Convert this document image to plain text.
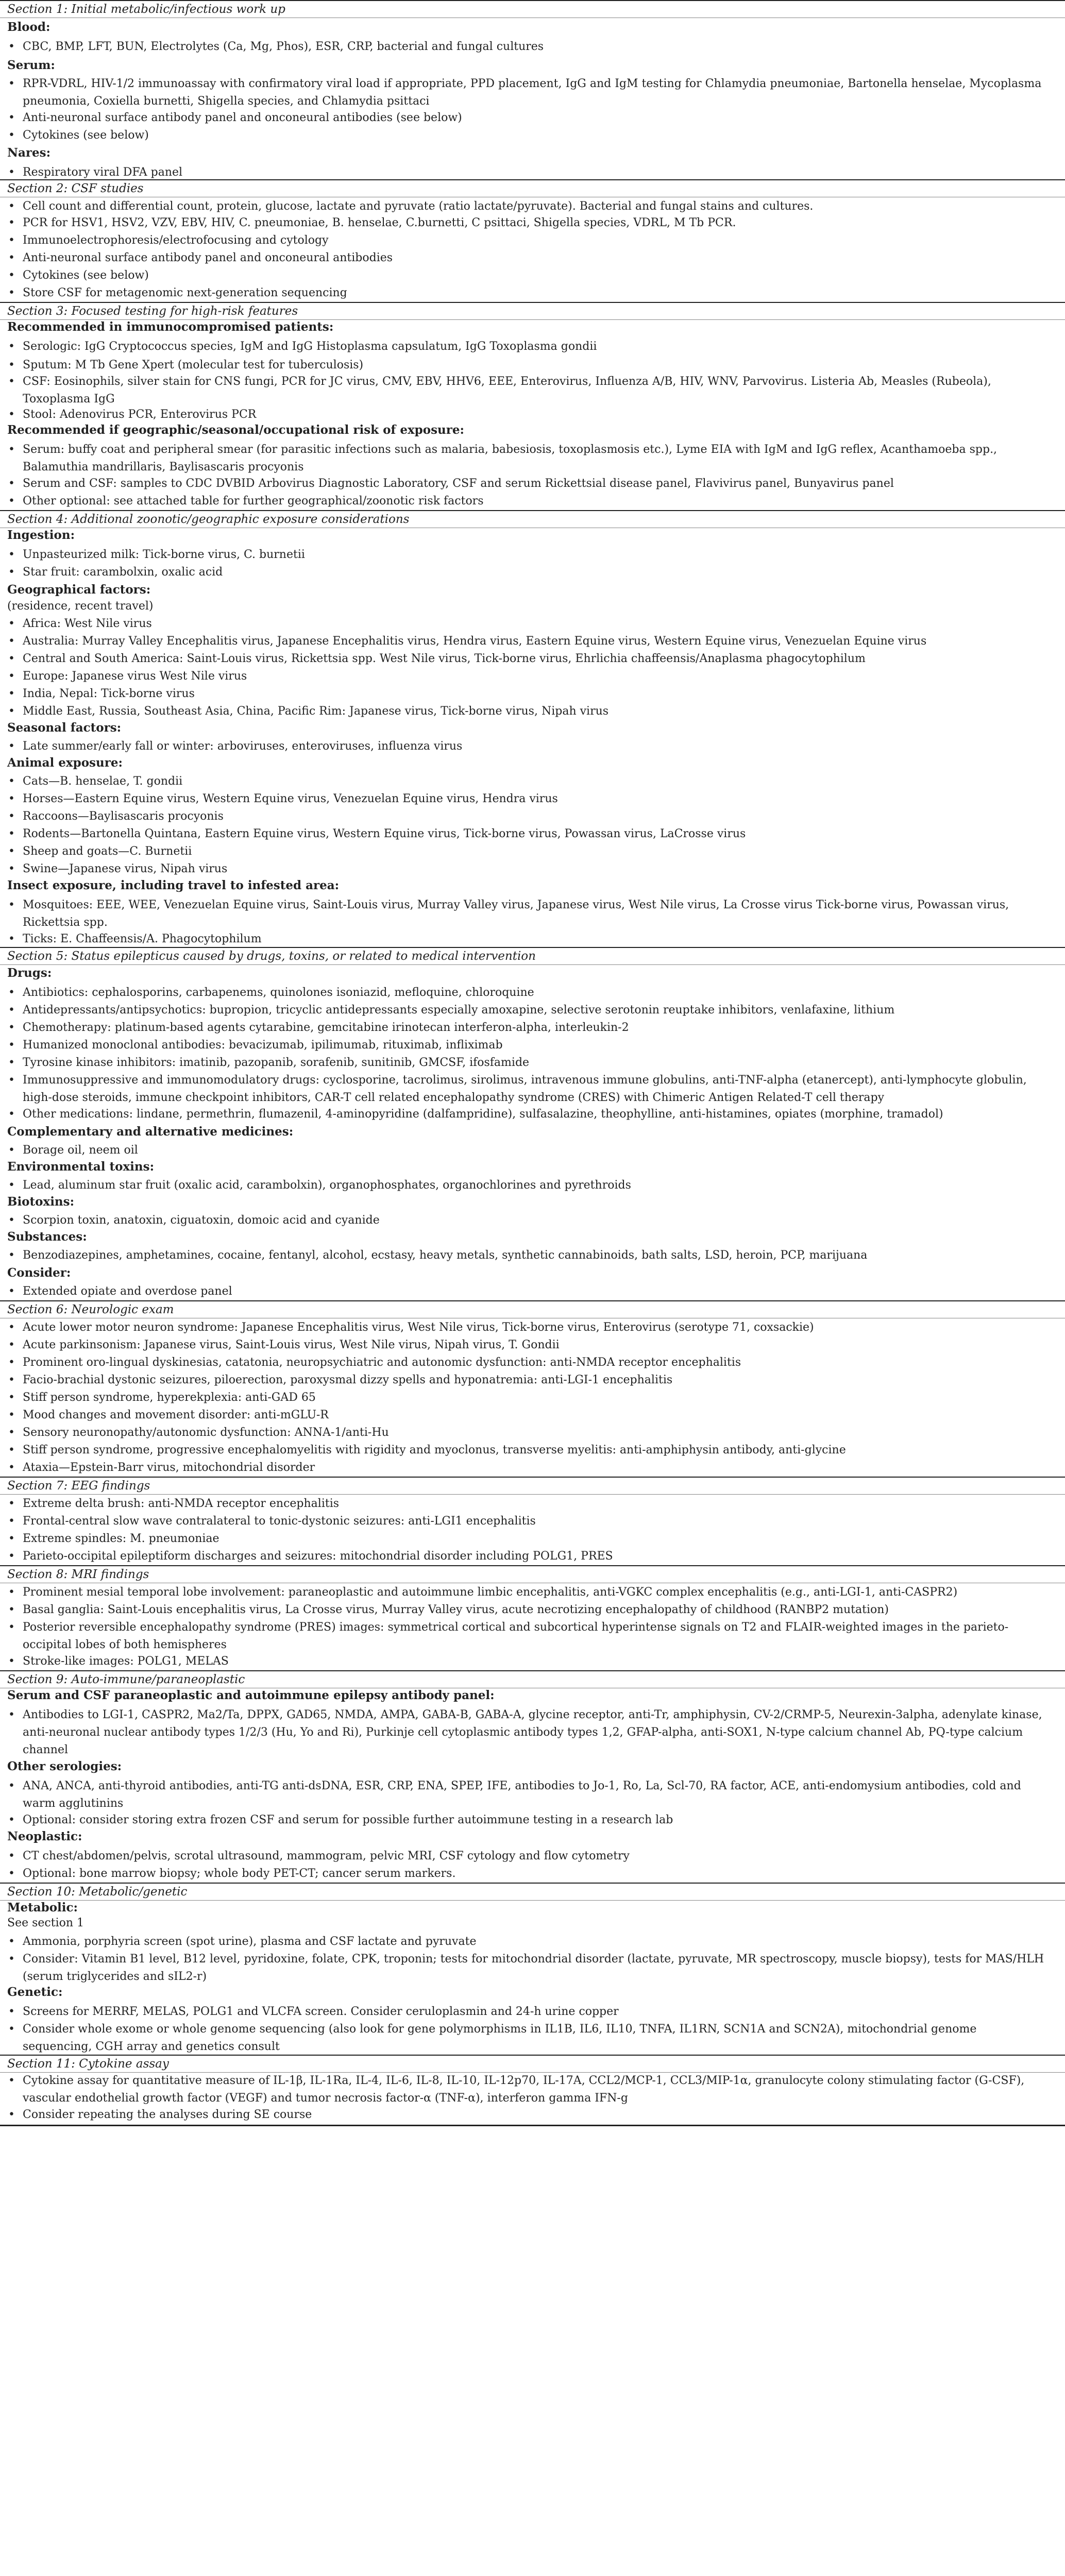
Section 1: Initial metabolic/infectious work up
Blood:

• CBC, BMP, LFT, BUN, Electrolytes (Ca, Mg, Phos), ESR, CRP, bacterial and fungal cultures

Serum:

• RPR-VDRL, HIV-1/2 immunoassay with confirmatory viral load if appropriate, PPD placement, IgG and IgM testing for Chlamydia pneumoniae, Bartonella henselae, Mycoplasma pneumonia, Coxiella burnetti, Shigella species, and Chlamydia psittaci

• Anti-neuronal surface antibody panel and onconeural antibodies (see below)

• Cytokines (see below)

Nares:

• Respiratory viral DFA panel

Section 2: CSF studies

• Cell count and differential count, protein, glucose, lactate and pyruvate (ratio lactate/pyruvate). Bacterial and fungal stains and cultures.

• PCR for HSV1, HSV2, VZV, EBV, HIV, C. pneumoniae, B. henselae, C.burnetti, C psittaci, Shigella species, VDRL, M Tb PCR.

• Immunoelectrophoresis/electrofocusing and cytology

• Anti-neuronal surface antibody panel and onconeural antibodies

• Cytokines (see below)

• Store CSF for metagenomic next-generation sequencing

Section 3: Focused testing for high-risk features
Recommended in immunocompromised patients:

• Serologic: IgG Cryptococcus species, IgM and IgG Histoplasma capsulatum, IgG Toxoplasma gondii

• Sputum: M Tb Gene Xpert (molecular test for tuberculosis)

• CSF: Eosinophils, silver stain for CNS fungi, PCR for JC virus, CMV, EBV, HHV6, EEE, Enterovirus, Influenza A/B, HIV, WNV, Parvovirus. Listeria Ab, Measles (Rubeola), Toxoplasma IgG

• Stool: Adenovirus PCR, Enterovirus PCR

Recommended if geographic/seasonal/occupational risk of exposure:

• Serum: buffy coat and peripheral smear (for parasitic infections such as malaria, babesiosis, toxoplasmosis etc.), Lyme EIA with IgM and IgG reflex, Acanthamoeba spp., Balamuthia mandrillaris, Baylisascaris procyonis

• Serum and CSF: samples to CDC DVBID Arbovirus Diagnostic Laboratory, CSF and serum Rickettsial disease panel, Flavivirus panel, Bunyavirus panel

• Other optional: see attached table for further geographical/zoonotic risk factors

Section 4: Additional zoonotic/geographic exposure considerations
Ingestion:

• Unpasteurized milk: Tick-borne virus, C. burnetii

• Star fruit: carambolxin, oxalic acid

Geographical factors:

(residence, recent travel)

• Africa: West Nile virus

• Australia: Murray Valley Encephalitis virus, Japanese Encephalitis virus, Hendra virus, Eastern Equine virus, Western Equine virus, Venezuelan Equine virus

• Central and South America: Saint-Louis virus, Rickettsia spp. West Nile virus, Tick-borne virus, Ehrlichia chaffeensis/Anaplasma phagocytophilum

• Europe: Japanese virus West Nile virus

• India, Nepal: Tick-borne virus

• Middle East, Russia, Southeast Asia, China, Pacific Rim: Japanese virus, Tick-borne virus, Nipah virus

Seasonal factors:

• Late summer/early fall or winter: arboviruses, enteroviruses, influenza virus

Animal exposure:

• Cats—B. henselae, T. gondii

• Horses—Eastern Equine virus, Western Equine virus, Venezuelan Equine virus, Hendra virus

• Raccoons—Baylisascaris procyonis

• Rodents—Bartonella Quintana, Eastern Equine virus, Western Equine virus, Tick-borne virus, Powassan virus, LaCrosse virus

• Sheep and goats—C. Burnetii

• Swine—Japanese virus, Nipah virus

Insect exposure, including travel to infested area:

• Mosquitoes: EEE, WEE, Venezuelan Equine virus, Saint-Louis virus, Murray Valley virus, Japanese virus, West Nile virus, La Crosse virus Tick-borne virus, Powassan virus, Rickettsia spp.

• Ticks: E. Chaffeensis/A. Phagocytophilum

Section 5: Status epilepticus caused by drugs, toxins, or related to medical intervention
Drugs:

• Antibiotics: cephalosporins, carbapenems, quinolones isoniazid, mefloquine, chloroquine

• Antidepressants/antipsychotics: bupropion, tricyclic antidepressants especially amoxapine, selective serotonin reuptake inhibitors, venlafaxine, lithium

• Chemotherapy: platinum-based agents cytarabine, gemcitabine irinotecan interferon-alpha, interleukin-2

• Humanized monoclonal antibodies: bevacizumab, ipilimumab, rituximab, infliximab

• Tyrosine kinase inhibitors: imatinib, pazopanib, sorafenib, sunitinib, GMCSF, ifosfamide

• Immunosuppressive and immunomodulatory drugs: cyclosporine, tacrolimus, sirolimus, intravenous immune globulins, anti-TNF-alpha (etanercept), anti-lymphocyte globulin, high-dose steroids, immune checkpoint inhibitors, CAR-T cell related encephalopathy syndrome (CRES) with Chimeric Antigen Related-T cell therapy

• Other medications: lindane, permethrin, flumazenil, 4-aminopyridine (dalfampridine), sulfasalazine, theophylline, anti-histamines, opiates (morphine, tramadol)

Complementary and alternative medicines:

• Borage oil, neem oil

Environmental toxins:

• Lead, aluminum star fruit (oxalic acid, carambolxin), organophosphates, organochlorines and pyrethroids

Biotoxins:

• Scorpion toxin, anatoxin, ciguatoxin, domoic acid and cyanide

Substances:

• Benzodiazepines, amphetamines, cocaine, fentanyl, alcohol, ecstasy, heavy metals, synthetic cannabinoids, bath salts, LSD, heroin, PCP, marijuana

Consider:

• Extended opiate and overdose panel

Section 6: Neurologic exam

• Acute lower motor neuron syndrome: Japanese Encephalitis virus, West Nile virus, Tick-borne virus, Enterovirus (serotype 71, coxsackie)

• Acute parkinsonism: Japanese virus, Saint-Louis virus, West Nile virus, Nipah virus, T. Gondii

• Prominent oro-lingual dyskinesias, catatonia, neuropsychiatric and autonomic dysfunction: anti-NMDA receptor encephalitis

• Facio-brachial dystonic seizures, piloerection, paroxysmal dizzy spells and hyponatremia: anti-LGI-1 encephalitis

• Stiff person syndrome, hyperekplexia: anti-GAD 65

• Mood changes and movement disorder: anti-mGLU-R

• Sensory neuronopathy/autonomic dysfunction: ANNA-1/anti-Hu

• Stiff person syndrome, progressive encephalomyelitis with rigidity and myoclonus, transverse myelitis: anti-amphiphysin antibody, anti-glycine

• Ataxia—Epstein-Barr virus, mitochondrial disorder

Section 7: EEG findings

• Extreme delta brush: anti-NMDA receptor encephalitis

• Frontal-central slow wave contralateral to tonic-dystonic seizures: anti-LGI1 encephalitis

• Extreme spindles: M. pneumoniae

• Parieto-occipital epileptiform discharges and seizures: mitochondrial disorder including POLG1, PRES

Section 8: MRI findings

• Prominent mesial temporal lobe involvement: paraneoplastic and autoimmune limbic encephalitis, anti-VGKC complex encephalitis (e.g., anti-LGI-1, anti-CASPR2)

• Basal ganglia: Saint-Louis encephalitis virus, La Crosse virus, Murray Valley virus, acute necrotizing encephalopathy of childhood (RANBP2 mutation)

• Posterior reversible encephalopathy syndrome (PRES) images: symmetrical cortical and subcortical hyperintense signals on T2 and FLAIR-weighted images in the parieto-occipital lobes of both hemispheres

• Stroke-like images: POLG1, MELAS

Section 9: Auto-immune/paraneoplastic
Serum and CSF paraneoplastic and autoimmune epilepsy antibody panel:

• Antibodies to LGI-1, CASPR2, Ma2/Ta, DPPX, GAD65, NMDA, AMPA, GABA-B, GABA-A, glycine receptor, anti-Tr, amphiphysin, CV-2/CRMP-5, Neurexin-3alpha, adenylate kinase, anti-neuronal nuclear antibody types 1/2/3 (Hu, Yo and Ri), Purkinje cell cytoplasmic antibody types 1,2, GFAP-alpha, anti-SOX1, N-type calcium channel Ab, PQ-type calcium channel

Other serologies:

• ANA, ANCA, anti-thyroid antibodies, anti-TG anti-dsDNA, ESR, CRP, ENA, SPEP, IFE, antibodies to Jo-1, Ro, La, Scl-70, RA factor, ACE, anti-endomysium antibodies, cold and warm agglutinins

• Optional: consider storing extra frozen CSF and serum for possible further autoimmune testing in a research lab

Neoplastic:

• CT chest/abdomen/pelvis, scrotal ultrasound, mammogram, pelvic MRI, CSF cytology and flow cytometry

• Optional: bone marrow biopsy; whole body PET-CT; cancer serum markers.

Section 10: Metabolic/genetic
Metabolic:

See section 1

• Ammonia, porphyria screen (spot urine), plasma and CSF lactate and pyruvate

• Consider: Vitamin B1 level, B12 level, pyridoxine, folate, CPK, troponin; tests for mitochondrial disorder (lactate, pyruvate, MR spectroscopy, muscle biopsy), tests for MAS/HLH (serum triglycerides and sIL2-r)

Genetic:

• Screens for MERRF, MELAS, POLG1 and VLCFA screen. Consider ceruloplasmin and 24-h urine copper

• Consider whole exome or whole genome sequencing (also look for gene polymorphisms in IL1B, IL6, IL10, TNFA, IL1RN, SCN1A and SCN2A), mitochondrial genome sequencing, CGH array and genetics consult

Section 11: Cytokine assay

• Cytokine assay for quantitative measure of IL-1β, IL-1Ra, IL-4, IL-6, IL-8, IL-10, IL-12p70, IL-17A, CCL2/MCP-1, CCL3/MIP-1α, granulocyte colony stimulating factor (G-CSF), vascular endothelial growth factor (VEGF) and tumor necrosis factor-α (TNF-α), interferon gamma IFN-g

• Consider repeating the analyses during SE course
